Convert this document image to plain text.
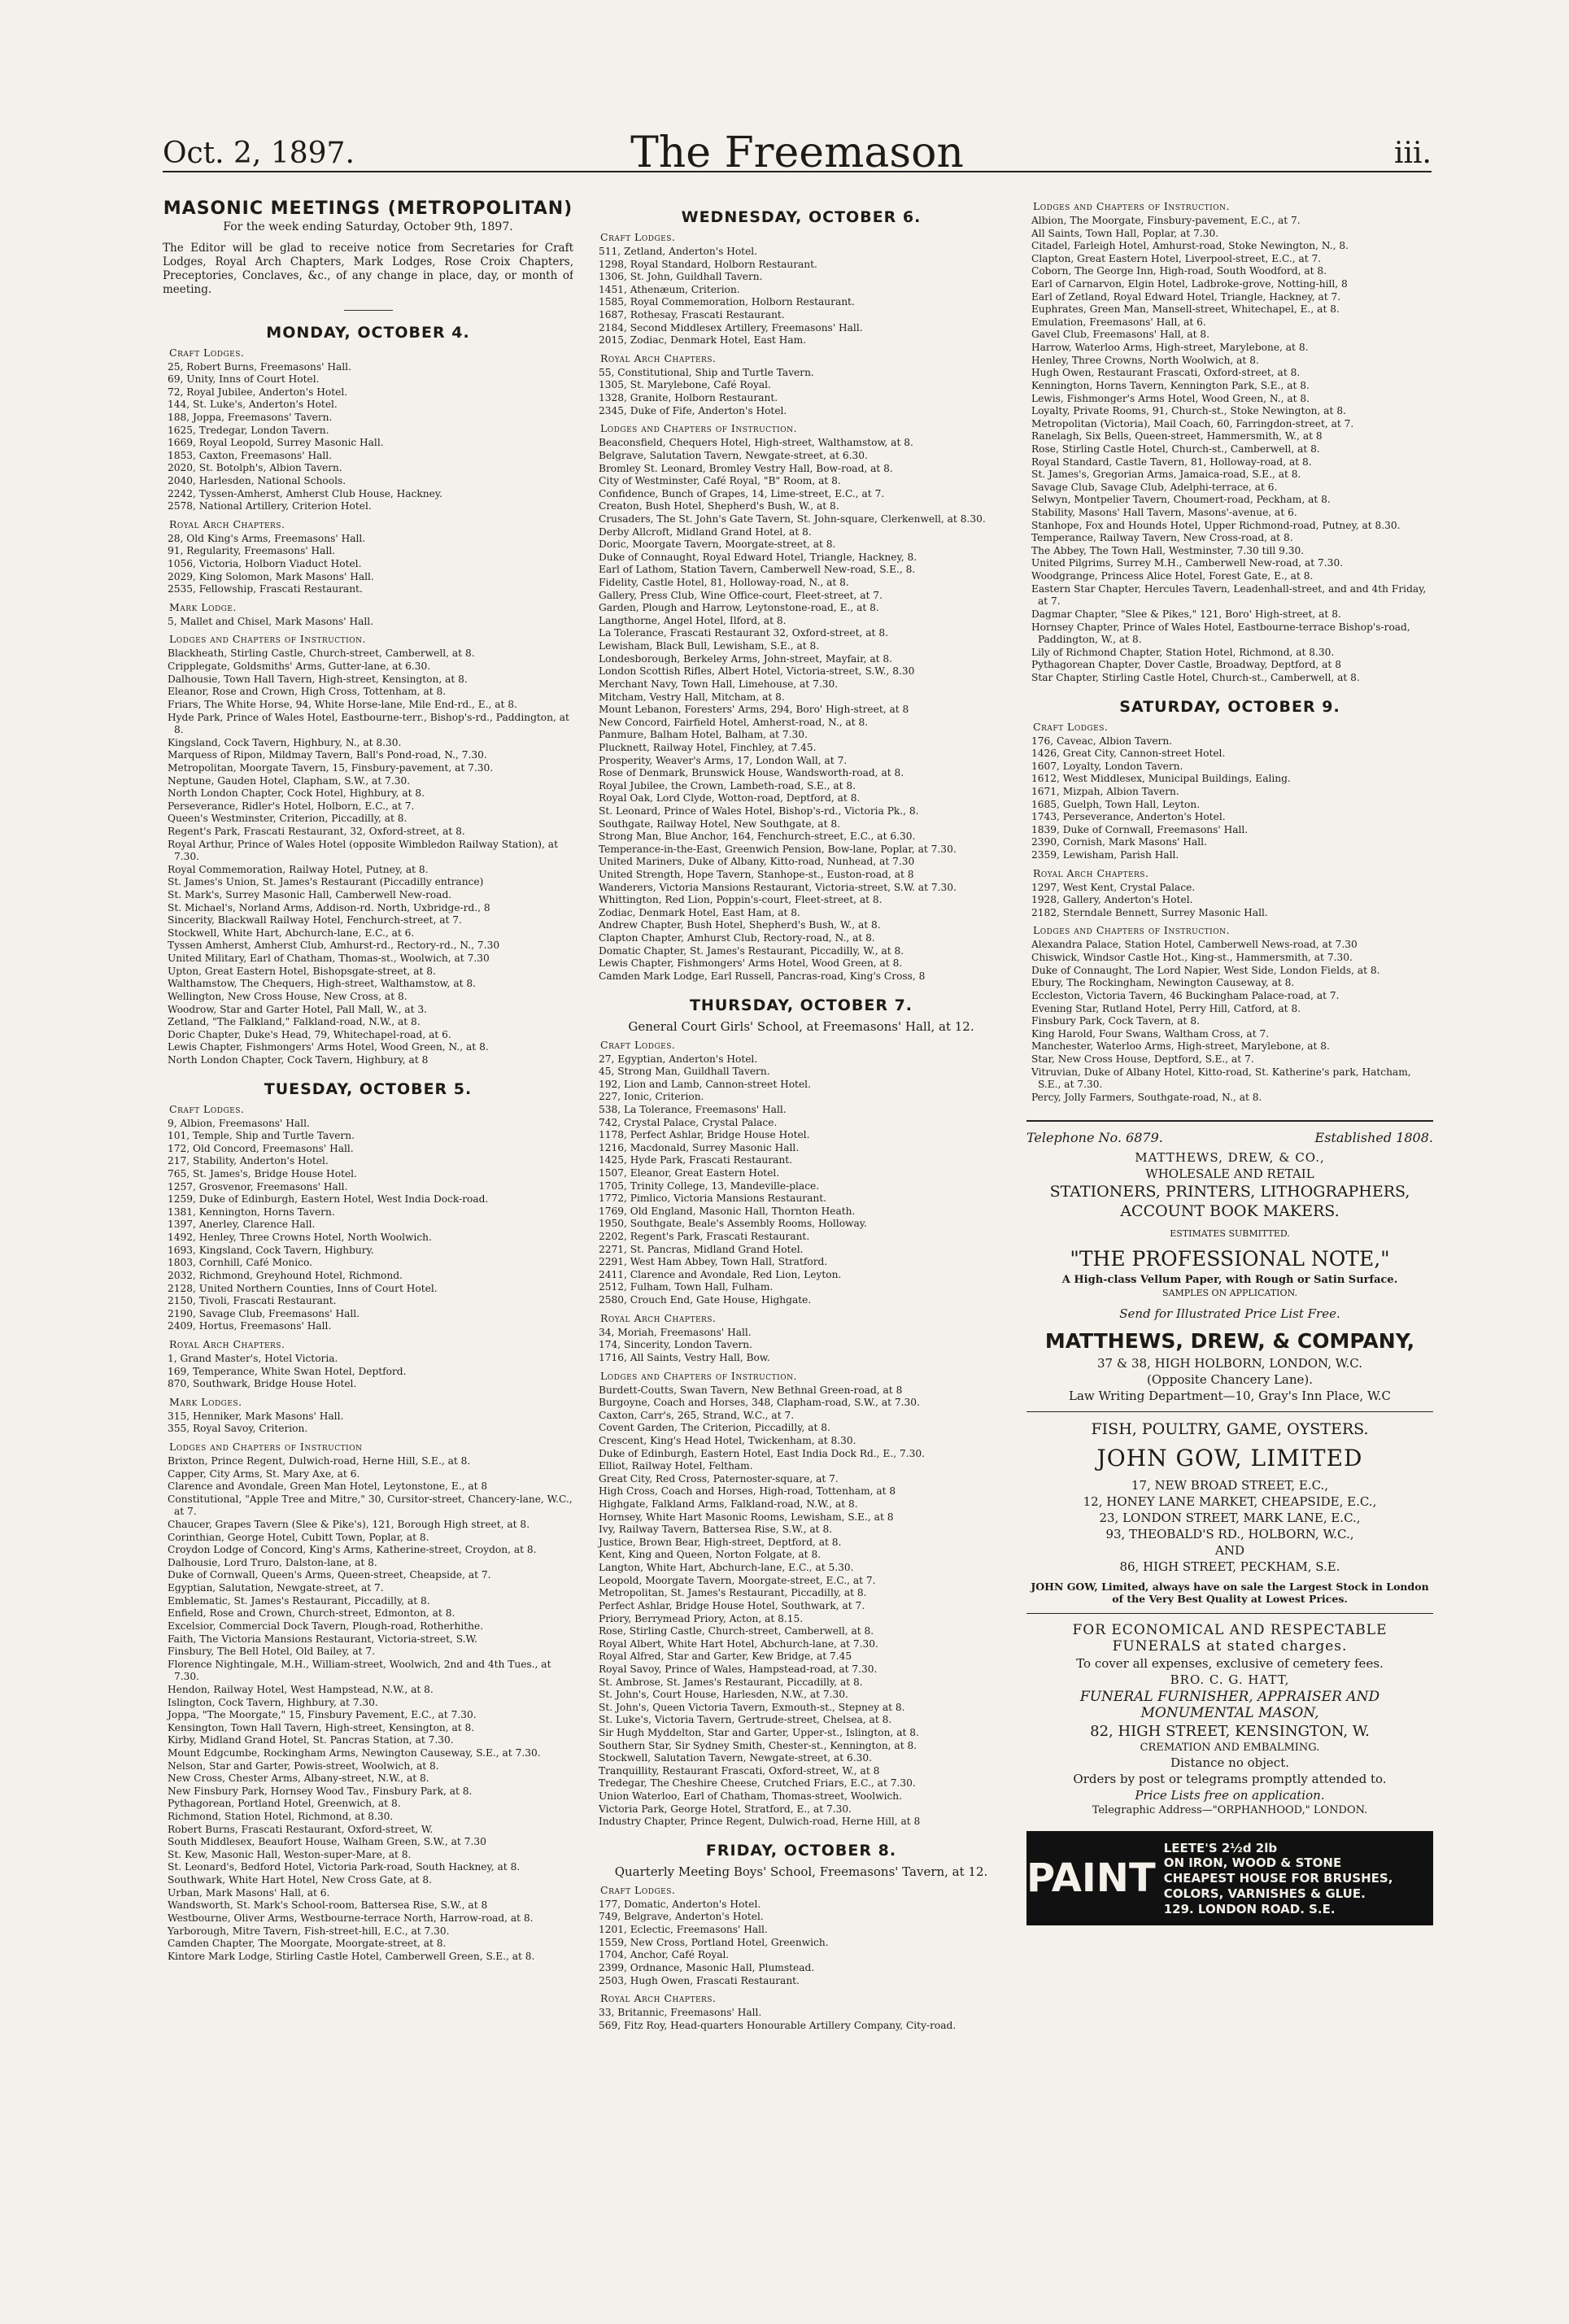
Oct. 2, 1897.	The Freemason	iii.
MASONIC MEETINGS (METROPOLITAN)
For the week ending Saturday, October 9th, 1897.

The Editor will be glad to receive notice from Secretaries for Craft Lodges, Royal Arch Chapters, Mark Lodges, Rose Croix Chapters, Preceptories, Conclaves, &c., of any change in place, day, or month of meeting.

MONDAY, OCTOBER 4.
Craft Lodges.
25, Robert Burns, Freemasons' Hall.
69, Unity, Inns of Court Hotel.
72, Royal Jubilee, Anderton's Hotel.
144, St. Luke's, Anderton's Hotel.
188, Joppa, Freemasons' Tavern.
1625, Tredegar, London Tavern.
1669, Royal Leopold, Surrey Masonic Hall.
1853, Caxton, Freemasons' Hall.
2020, St. Botolph's, Albion Tavern.
2040, Harlesden, National Schools.
2242, Tyssen-Amherst, Amherst Club House, Hackney.
2578, National Artillery, Criterion Hotel.
Royal Arch Chapters.
28, Old King's Arms, Freemasons' Hall.
91, Regularity, Freemasons' Hall.
1056, Victoria, Holborn Viaduct Hotel.
2029, King Solomon, Mark Masons' Hall.
2535, Fellowship, Frascati Restaurant.
Mark Lodge.
5, Mallet and Chisel, Mark Masons' Hall.
Lodges and Chapters of Instruction.
Blackheath, Stirling Castle, Church-street, Camberwell, at 8.
Cripplegate, Goldsmiths' Arms, Gutter-lane, at 6.30.
Dalhousie, Town Hall Tavern, High-street, Kensington, at 8.
Eleanor, Rose and Crown, High Cross, Tottenham, at 8.
Friars, The White Horse, 94, White Horse-lane, Mile End-rd., E., at 8.
Hyde Park, Prince of Wales Hotel, Eastbourne-terr., Bishop's-rd., Paddington, at 8.
Kingsland, Cock Tavern, Highbury, N., at 8.30.
Marquess of Ripon, Mildmay Tavern, Ball's Pond-road, N., 7.30.
Metropolitan, Moorgate Tavern, 15, Finsbury-pavement, at 7.30.
Neptune, Gauden Hotel, Clapham, S.W., at 7.30.
North London Chapter, Cock Hotel, Highbury, at 8.
Perseverance, Ridler's Hotel, Holborn, E.C., at 7.
Queen's Westminster, Criterion, Piccadilly, at 8.
Regent's Park, Frascati Restaurant, 32, Oxford-street, at 8.
Royal Arthur, Prince of Wales Hotel (opposite Wimbledon Railway Station), at 7.30.
Royal Commemoration, Railway Hotel, Putney, at 8.
St. James's Union, St. James's Restaurant (Piccadilly entrance)
St. Mark's, Surrey Masonic Hall, Camberwell New-road.
St. Michael's, Norland Arms, Addison-rd. North, Uxbridge-rd., 8
Sincerity, Blackwall Railway Hotel, Fenchurch-street, at 7.
Stockwell, White Hart, Abchurch-lane, E.C., at 6.
Tyssen Amherst, Amherst Club, Amhurst-rd., Rectory-rd., N., 7.30
United Military, Earl of Chatham, Thomas-st., Woolwich, at 7.30
Upton, Great Eastern Hotel, Bishopsgate-street, at 8.
Walthamstow, The Chequers, High-street, Walthamstow, at 8.
Wellington, New Cross House, New Cross, at 8.
Woodrow, Star and Garter Hotel, Pall Mall, W., at 3.
Zetland, "The Falkland," Falkland-road, N.W., at 8.
Doric Chapter, Duke's Head, 79, Whitechapel-road, at 6.
Lewis Chapter, Fishmongers' Arms Hotel, Wood Green, N., at 8.
North London Chapter, Cock Tavern, Highbury, at 8
TUESDAY, OCTOBER 5.
Craft Lodges.
9, Albion, Freemasons' Hall.
101, Temple, Ship and Turtle Tavern.
172, Old Concord, Freemasons' Hall.
217, Stability, Anderton's Hotel.
765, St. James's, Bridge House Hotel.
1257, Grosvenor, Freemasons' Hall.
1259, Duke of Edinburgh, Eastern Hotel, West India Dock-road.
1381, Kennington, Horns Tavern.
1397, Anerley, Clarence Hall.
1492, Henley, Three Crowns Hotel, North Woolwich.
1693, Kingsland, Cock Tavern, Highbury.
1803, Cornhill, Café Monico.
2032, Richmond, Greyhound Hotel, Richmond.
2128, United Northern Counties, Inns of Court Hotel.
2150, Tivoli, Frascati Restaurant.
2190, Savage Club, Freemasons' Hall.
2409, Hortus, Freemasons' Hall.
Royal Arch Chapters.
1, Grand Master's, Hotel Victoria.
169, Temperance, White Swan Hotel, Deptford.
870, Southwark, Bridge House Hotel.
Mark Lodges.
315, Henniker, Mark Masons' Hall.
355, Royal Savoy, Criterion.
Lodges and Chapters of Instruction
Brixton, Prince Regent, Dulwich-road, Herne Hill, S.E., at 8.
Capper, City Arms, St. Mary Axe, at 6.
Clarence and Avondale, Green Man Hotel, Leytonstone, E., at 8
Constitutional, "Apple Tree and Mitre," 30, Cursitor-street, Chancery-lane, W.C., at 7.
Chaucer, Grapes Tavern (Slee & Pike's), 121, Borough High street, at 8.
Corinthian, George Hotel, Cubitt Town, Poplar, at 8.
Croydon Lodge of Concord, King's Arms, Katherine-street, Croydon, at 8.
Dalhousie, Lord Truro, Dalston-lane, at 8.
Duke of Cornwall, Queen's Arms, Queen-street, Cheapside, at 7.
Egyptian, Salutation, Newgate-street, at 7.
Emblematic, St. James's Restaurant, Piccadilly, at 8.
Enfield, Rose and Crown, Church-street, Edmonton, at 8.
Excelsior, Commercial Dock Tavern, Plough-road, Rotherhithe.
Faith, The Victoria Mansions Restaurant, Victoria-street, S.W.
Finsbury, The Bell Hotel, Old Bailey, at 7.
Florence Nightingale, M.H., William-street, Woolwich, 2nd and 4th Tues., at 7.30.
Hendon, Railway Hotel, West Hampstead, N.W., at 8.
Islington, Cock Tavern, Highbury, at 7.30.
Joppa, "The Moorgate," 15, Finsbury Pavement, E.C., at 7.30.
Kensington, Town Hall Tavern, High-street, Kensington, at 8.
Kirby, Midland Grand Hotel, St. Pancras Station, at 7.30.
Mount Edgcumbe, Rockingham Arms, Newington Causeway, S.E., at 7.30.
Nelson, Star and Garter, Powis-street, Woolwich, at 8.
New Cross, Chester Arms, Albany-street, N.W., at 8.
New Finsbury Park, Hornsey Wood Tav., Finsbury Park, at 8.
Pythagorean, Portland Hotel, Greenwich, at 8.
Richmond, Station Hotel, Richmond, at 8.30.
Robert Burns, Frascati Restaurant, Oxford-street, W.
South Middlesex, Beaufort House, Walham Green, S.W., at 7.30
St. Kew, Masonic Hall, Weston-super-Mare, at 8.
St. Leonard's, Bedford Hotel, Victoria Park-road, South Hackney, at 8.
Southwark, White Hart Hotel, New Cross Gate, at 8.
Urban, Mark Masons' Hall, at 6.
Wandsworth, St. Mark's School-room, Battersea Rise, S.W., at 8
Westbourne, Oliver Arms, Westbourne-terrace North, Harrow-road, at 8.
Yarborough, Mitre Tavern, Fish-street-hill, E.C., at 7.30.
Camden Chapter, The Moorgate, Moorgate-street, at 8.
Kintore Mark Lodge, Stirling Castle Hotel, Camberwell Green, S.E., at 8.
WEDNESDAY, OCTOBER 6.
Craft Lodges.
511, Zetland, Anderton's Hotel.
1298, Royal Standard, Holborn Restaurant.
1306, St. John, Guildhall Tavern.
1451, Athenæum, Criterion.
1585, Royal Commemoration, Holborn Restaurant.
1687, Rothesay, Frascati Restaurant.
2184, Second Middlesex Artillery, Freemasons' Hall.
2015, Zodiac, Denmark Hotel, East Ham.
Royal Arch Chapters.
55, Constitutional, Ship and Turtle Tavern.
1305, St. Marylebone, Café Royal.
1328, Granite, Holborn Restaurant.
2345, Duke of Fife, Anderton's Hotel.
Lodges and Chapters of Instruction.
Beaconsfield, Chequers Hotel, High-street, Walthamstow, at 8.
Belgrave, Salutation Tavern, Newgate-street, at 6.30.
Bromley St. Leonard, Bromley Vestry Hall, Bow-road, at 8.
City of Westminster, Café Royal, "B" Room, at 8.
Confidence, Bunch of Grapes, 14, Lime-street, E.C., at 7.
Creaton, Bush Hotel, Shepherd's Bush, W., at 8.
Crusaders, The St. John's Gate Tavern, St. John-square, Clerkenwell, at 8.30.
Derby Allcroft, Midland Grand Hotel, at 8.
Doric, Moorgate Tavern, Moorgate-street, at 8.
Duke of Connaught, Royal Edward Hotel, Triangle, Hackney, 8.
Earl of Lathom, Station Tavern, Camberwell New-road, S.E., 8.
Fidelity, Castle Hotel, 81, Holloway-road, N., at 8.
Gallery, Press Club, Wine Office-court, Fleet-street, at 7.
Garden, Plough and Harrow, Leytonstone-road, E., at 8.
Langthorne, Angel Hotel, Ilford, at 8.
La Tolerance, Frascati Restaurant 32, Oxford-street, at 8.
Lewisham, Black Bull, Lewisham, S.E., at 8.
Londesborough, Berkeley Arms, John-street, Mayfair, at 8.
London Scottish Rifles, Albert Hotel, Victoria-street, S.W., 8.30
Merchant Navy, Town Hall, Limehouse, at 7.30.
Mitcham, Vestry Hall, Mitcham, at 8.
Mount Lebanon, Foresters' Arms, 294, Boro' High-street, at 8
New Concord, Fairfield Hotel, Amherst-road, N., at 8.
Panmure, Balham Hotel, Balham, at 7.30.
Plucknett, Railway Hotel, Finchley, at 7.45.
Prosperity, Weaver's Arms, 17, London Wall, at 7.
Rose of Denmark, Brunswick House, Wandsworth-road, at 8.
Royal Jubilee, the Crown, Lambeth-road, S.E., at 8.
Royal Oak, Lord Clyde, Wotton-road, Deptford, at 8.
St. Leonard, Prince of Wales Hotel, Bishop's-rd., Victoria Pk., 8.
Southgate, Railway Hotel, New Southgate, at 8.
Strong Man, Blue Anchor, 164, Fenchurch-street, E.C., at 6.30.
Temperance-in-the-East, Greenwich Pension, Bow-lane, Poplar, at 7.30.
United Mariners, Duke of Albany, Kitto-road, Nunhead, at 7.30
United Strength, Hope Tavern, Stanhope-st., Euston-road, at 8
Wanderers, Victoria Mansions Restaurant, Victoria-street, S.W. at 7.30.
Whittington, Red Lion, Poppin's-court, Fleet-street, at 8.
Zodiac, Denmark Hotel, East Ham, at 8.
Andrew Chapter, Bush Hotel, Shepherd's Bush, W., at 8.
Clapton Chapter, Amhurst Club, Rectory-road, N., at 8.
Domatic Chapter, St. James's Restaurant, Piccadilly, W., at 8.
Lewis Chapter, Fishmongers' Arms Hotel, Wood Green, at 8.
Camden Mark Lodge, Earl Russell, Pancras-road, King's Cross, 8
THURSDAY, OCTOBER 7.
General Court Girls' School, at Freemasons' Hall, at 12.
Craft Lodges.
27, Egyptian, Anderton's Hotel.
45, Strong Man, Guildhall Tavern.
192, Lion and Lamb, Cannon-street Hotel.
227, Ionic, Criterion.
538, La Tolerance, Freemasons' Hall.
742, Crystal Palace, Crystal Palace.
1178, Perfect Ashlar, Bridge House Hotel.
1216, Macdonald, Surrey Masonic Hall.
1425, Hyde Park, Frascati Restaurant.
1507, Eleanor, Great Eastern Hotel.
1705, Trinity College, 13, Mandeville-place.
1772, Pimlico, Victoria Mansions Restaurant.
1769, Old England, Masonic Hall, Thornton Heath.
1950, Southgate, Beale's Assembly Rooms, Holloway.
2202, Regent's Park, Frascati Restaurant.
2271, St. Pancras, Midland Grand Hotel.
2291, West Ham Abbey, Town Hall, Stratford.
2411, Clarence and Avondale, Red Lion, Leyton.
2512, Fulham, Town Hall, Fulham.
2580, Crouch End, Gate House, Highgate.
Royal Arch Chapters.
34, Moriah, Freemasons' Hall.
174, Sincerity, London Tavern.
1716, All Saints, Vestry Hall, Bow.
Lodges and Chapters of Instruction.
Burdett-Coutts, Swan Tavern, New Bethnal Green-road, at 8
Burgoyne, Coach and Horses, 348, Clapham-road, S.W., at 7.30.
Caxton, Carr's, 265, Strand, W.C., at 7.
Covent Garden, The Criterion, Piccadilly, at 8.
Crescent, King's Head Hotel, Twickenham, at 8.30.
Duke of Edinburgh, Eastern Hotel, East India Dock Rd., E., 7.30.
Elliot, Railway Hotel, Feltham.
Great City, Red Cross, Paternoster-square, at 7.
High Cross, Coach and Horses, High-road, Tottenham, at 8
Highgate, Falkland Arms, Falkland-road, N.W., at 8.
Hornsey, White Hart Masonic Rooms, Lewisham, S.E., at 8
Ivy, Railway Tavern, Battersea Rise, S.W., at 8.
Justice, Brown Bear, High-street, Deptford, at 8.
Kent, King and Queen, Norton Folgate, at 8.
Langton, White Hart, Abchurch-lane, E.C., at 5.30.
Leopold, Moorgate Tavern, Moorgate-street, E.C., at 7.
Metropolitan, St. James's Restaurant, Piccadilly, at 8.
Perfect Ashlar, Bridge House Hotel, Southwark, at 7.
Priory, Berrymead Priory, Acton, at 8.15.
Rose, Stirling Castle, Church-street, Camberwell, at 8.
Royal Albert, White Hart Hotel, Abchurch-lane, at 7.30.
Royal Alfred, Star and Garter, Kew Bridge, at 7.45
Royal Savoy, Prince of Wales, Hampstead-road, at 7.30.
St. Ambrose, St. James's Restaurant, Piccadilly, at 8.
St. John's, Court House, Harlesden, N.W., at 7.30.
St. John's, Queen Victoria Tavern, Exmouth-st., Stepney at 8.
St. Luke's, Victoria Tavern, Gertrude-street, Chelsea, at 8.
Sir Hugh Myddelton, Star and Garter, Upper-st., Islington, at 8.
Southern Star, Sir Sydney Smith, Chester-st., Kennington, at 8.
Stockwell, Salutation Tavern, Newgate-street, at 6.30.
Tranquillity, Restaurant Frascati, Oxford-street, W., at 8
Tredegar, The Cheshire Cheese, Crutched Friars, E.C., at 7.30.
Union Waterloo, Earl of Chatham, Thomas-street, Woolwich.
Victoria Park, George Hotel, Stratford, E., at 7.30.
Industry Chapter, Prince Regent, Dulwich-road, Herne Hill, at 8
FRIDAY, OCTOBER 8.
Quarterly Meeting Boys' School, Freemasons' Tavern, at 12.
Craft Lodges.
177, Domatic, Anderton's Hotel.
749, Belgrave, Anderton's Hotel.
1201, Eclectic, Freemasons' Hall.
1559, New Cross, Portland Hotel, Greenwich.
1704, Anchor, Café Royal.
2399, Ordnance, Masonic Hall, Plumstead.
2503, Hugh Owen, Frascati Restaurant.
Royal Arch Chapters.
33, Britannic, Freemasons' Hall.
569, Fitz Roy, Head-quarters Honourable Artillery Company, City-road.
Lodges and Chapters of Instruction.
Albion, The Moorgate, Finsbury-pavement, E.C., at 7.
All Saints, Town Hall, Poplar, at 7.30.
Citadel, Farleigh Hotel, Amhurst-road, Stoke Newington, N., 8.
Clapton, Great Eastern Hotel, Liverpool-street, E.C., at 7.
Coborn, The George Inn, High-road, South Woodford, at 8.
Earl of Carnarvon, Elgin Hotel, Ladbroke-grove, Notting-hill, 8
Earl of Zetland, Royal Edward Hotel, Triangle, Hackney, at 7.
Euphrates, Green Man, Mansell-street, Whitechapel, E., at 8.
Emulation, Freemasons' Hall, at 6.
Gavel Club, Freemasons' Hall, at 8.
Harrow, Waterloo Arms, High-street, Marylebone, at 8.
Henley, Three Crowns, North Woolwich, at 8.
Hugh Owen, Restaurant Frascati, Oxford-street, at 8.
Kennington, Horns Tavern, Kennington Park, S.E., at 8.
Lewis, Fishmonger's Arms Hotel, Wood Green, N., at 8.
Loyalty, Private Rooms, 91, Church-st., Stoke Newington, at 8.
Metropolitan (Victoria), Mail Coach, 60, Farringdon-street, at 7.
Ranelagh, Six Bells, Queen-street, Hammersmith, W., at 8
Rose, Stirling Castle Hotel, Church-st., Camberwell, at 8.
Royal Standard, Castle Tavern, 81, Holloway-road, at 8.
St. James's, Gregorian Arms, Jamaica-road, S.E., at 8.
Savage Club, Savage Club, Adelphi-terrace, at 6.
Selwyn, Montpelier Tavern, Choumert-road, Peckham, at 8.
Stability, Masons' Hall Tavern, Masons'-avenue, at 6.
Stanhope, Fox and Hounds Hotel, Upper Richmond-road, Putney, at 8.30.
Temperance, Railway Tavern, New Cross-road, at 8.
The Abbey, The Town Hall, Westminster, 7.30 till 9.30.
United Pilgrims, Surrey M.H., Camberwell New-road, at 7.30.
Woodgrange, Princess Alice Hotel, Forest Gate, E., at 8.
Eastern Star Chapter, Hercules Tavern, Leadenhall-street, and and 4th Friday, at 7.
Dagmar Chapter, "Slee & Pikes," 121, Boro' High-street, at 8.
Hornsey Chapter, Prince of Wales Hotel, Eastbourne-terrace Bishop's-road, Paddington, W., at 8.
Lily of Richmond Chapter, Station Hotel, Richmond, at 8.30.
Pythagorean Chapter, Dover Castle, Broadway, Deptford, at 8
Star Chapter, Stirling Castle Hotel, Church-st., Camberwell, at 8.
SATURDAY, OCTOBER 9.
Craft Lodges.
176, Caveac, Albion Tavern.
1426, Great City, Cannon-street Hotel.
1607, Loyalty, London Tavern.
1612, West Middlesex, Municipal Buildings, Ealing.
1671, Mizpah, Albion Tavern.
1685, Guelph, Town Hall, Leyton.
1743, Perseverance, Anderton's Hotel.
1839, Duke of Cornwall, Freemasons' Hall.
2390, Cornish, Mark Masons' Hall.
2359, Lewisham, Parish Hall.
Royal Arch Chapters.
1297, West Kent, Crystal Palace.
1928, Gallery, Anderton's Hotel.
2182, Sterndale Bennett, Surrey Masonic Hall.
Lodges and Chapters of Instruction.
Alexandra Palace, Station Hotel, Camberwell News-road, at 7.30
Chiswick, Windsor Castle Hot., King-st., Hammersmith, at 7.30.
Duke of Connaught, The Lord Napier, West Side, London Fields, at 8.
Ebury, The Rockingham, Newington Causeway, at 8.
Eccleston, Victoria Tavern, 46 Buckingham Palace-road, at 7.
Evening Star, Rutland Hotel, Perry Hill, Catford, at 8.
Finsbury Park, Cock Tavern, at 8.
King Harold, Four Swans, Waltham Cross, at 7.
Manchester, Waterloo Arms, High-street, Marylebone, at 8.
Star, New Cross House, Deptford, S.E., at 7.
Vitruvian, Duke of Albany Hotel, Kitto-road, St. Katherine's park, Hatcham, S.E., at 7.30.
Percy, Jolly Farmers, Southgate-road, N., at 8.
Telephone No. 6879.	Established 1808.
MATTHEWS, DREW, & CO.,
WHOLESALE AND RETAIL
STATIONERS, PRINTERS, LITHOGRAPHERS,
ACCOUNT BOOK MAKERS.
ESTIMATES SUBMITTED.
"THE PROFESSIONAL NOTE,"
A High-class Vellum Paper, with Rough or Satin Surface.
SAMPLES ON APPLICATION.
Send for Illustrated Price List Free.
MATTHEWS, DREW, & COMPANY,
37 & 38, HIGH HOLBORN, LONDON, W.C.
(Opposite Chancery Lane).
Law Writing Department—10, Gray's Inn Place, W.C
FISH, POULTRY, GAME, OYSTERS.
JOHN GOW, LIMITED
17, NEW BROAD STREET, E.C.,
12, HONEY LANE MARKET, CHEAPSIDE, E.C.,
23, LONDON STREET, MARK LANE, E.C.,
93, THEOBALD'S RD., HOLBORN, W.C.,
AND
86, HIGH STREET, PECKHAM, S.E.
JOHN GOW, Limited, always have on sale the Largest Stock in London of the Very Best Quality at Lowest Prices.
FOR ECONOMICAL AND RESPECTABLE FUNERALS at stated charges.
To cover all expenses, exclusive of cemetery fees.
BRO. C. G. HATT,
FUNERAL FURNISHER, APPRAISER AND MONUMENTAL MASON,
82, HIGH STREET, KENSINGTON, W.
CREMATION AND EMBALMING.
Distance no object.
Orders by post or telegrams promptly attended to.
Price Lists free on application.
Telegraphic Address—"ORPHANHOOD," LONDON.
PAINT
LEETE'S 2½d 2lb
ON IRON, WOOD & STONE
CHEAPEST HOUSE FOR BRUSHES, COLORS, VARNISHES & GLUE.
129. LONDON ROAD. S.E.
